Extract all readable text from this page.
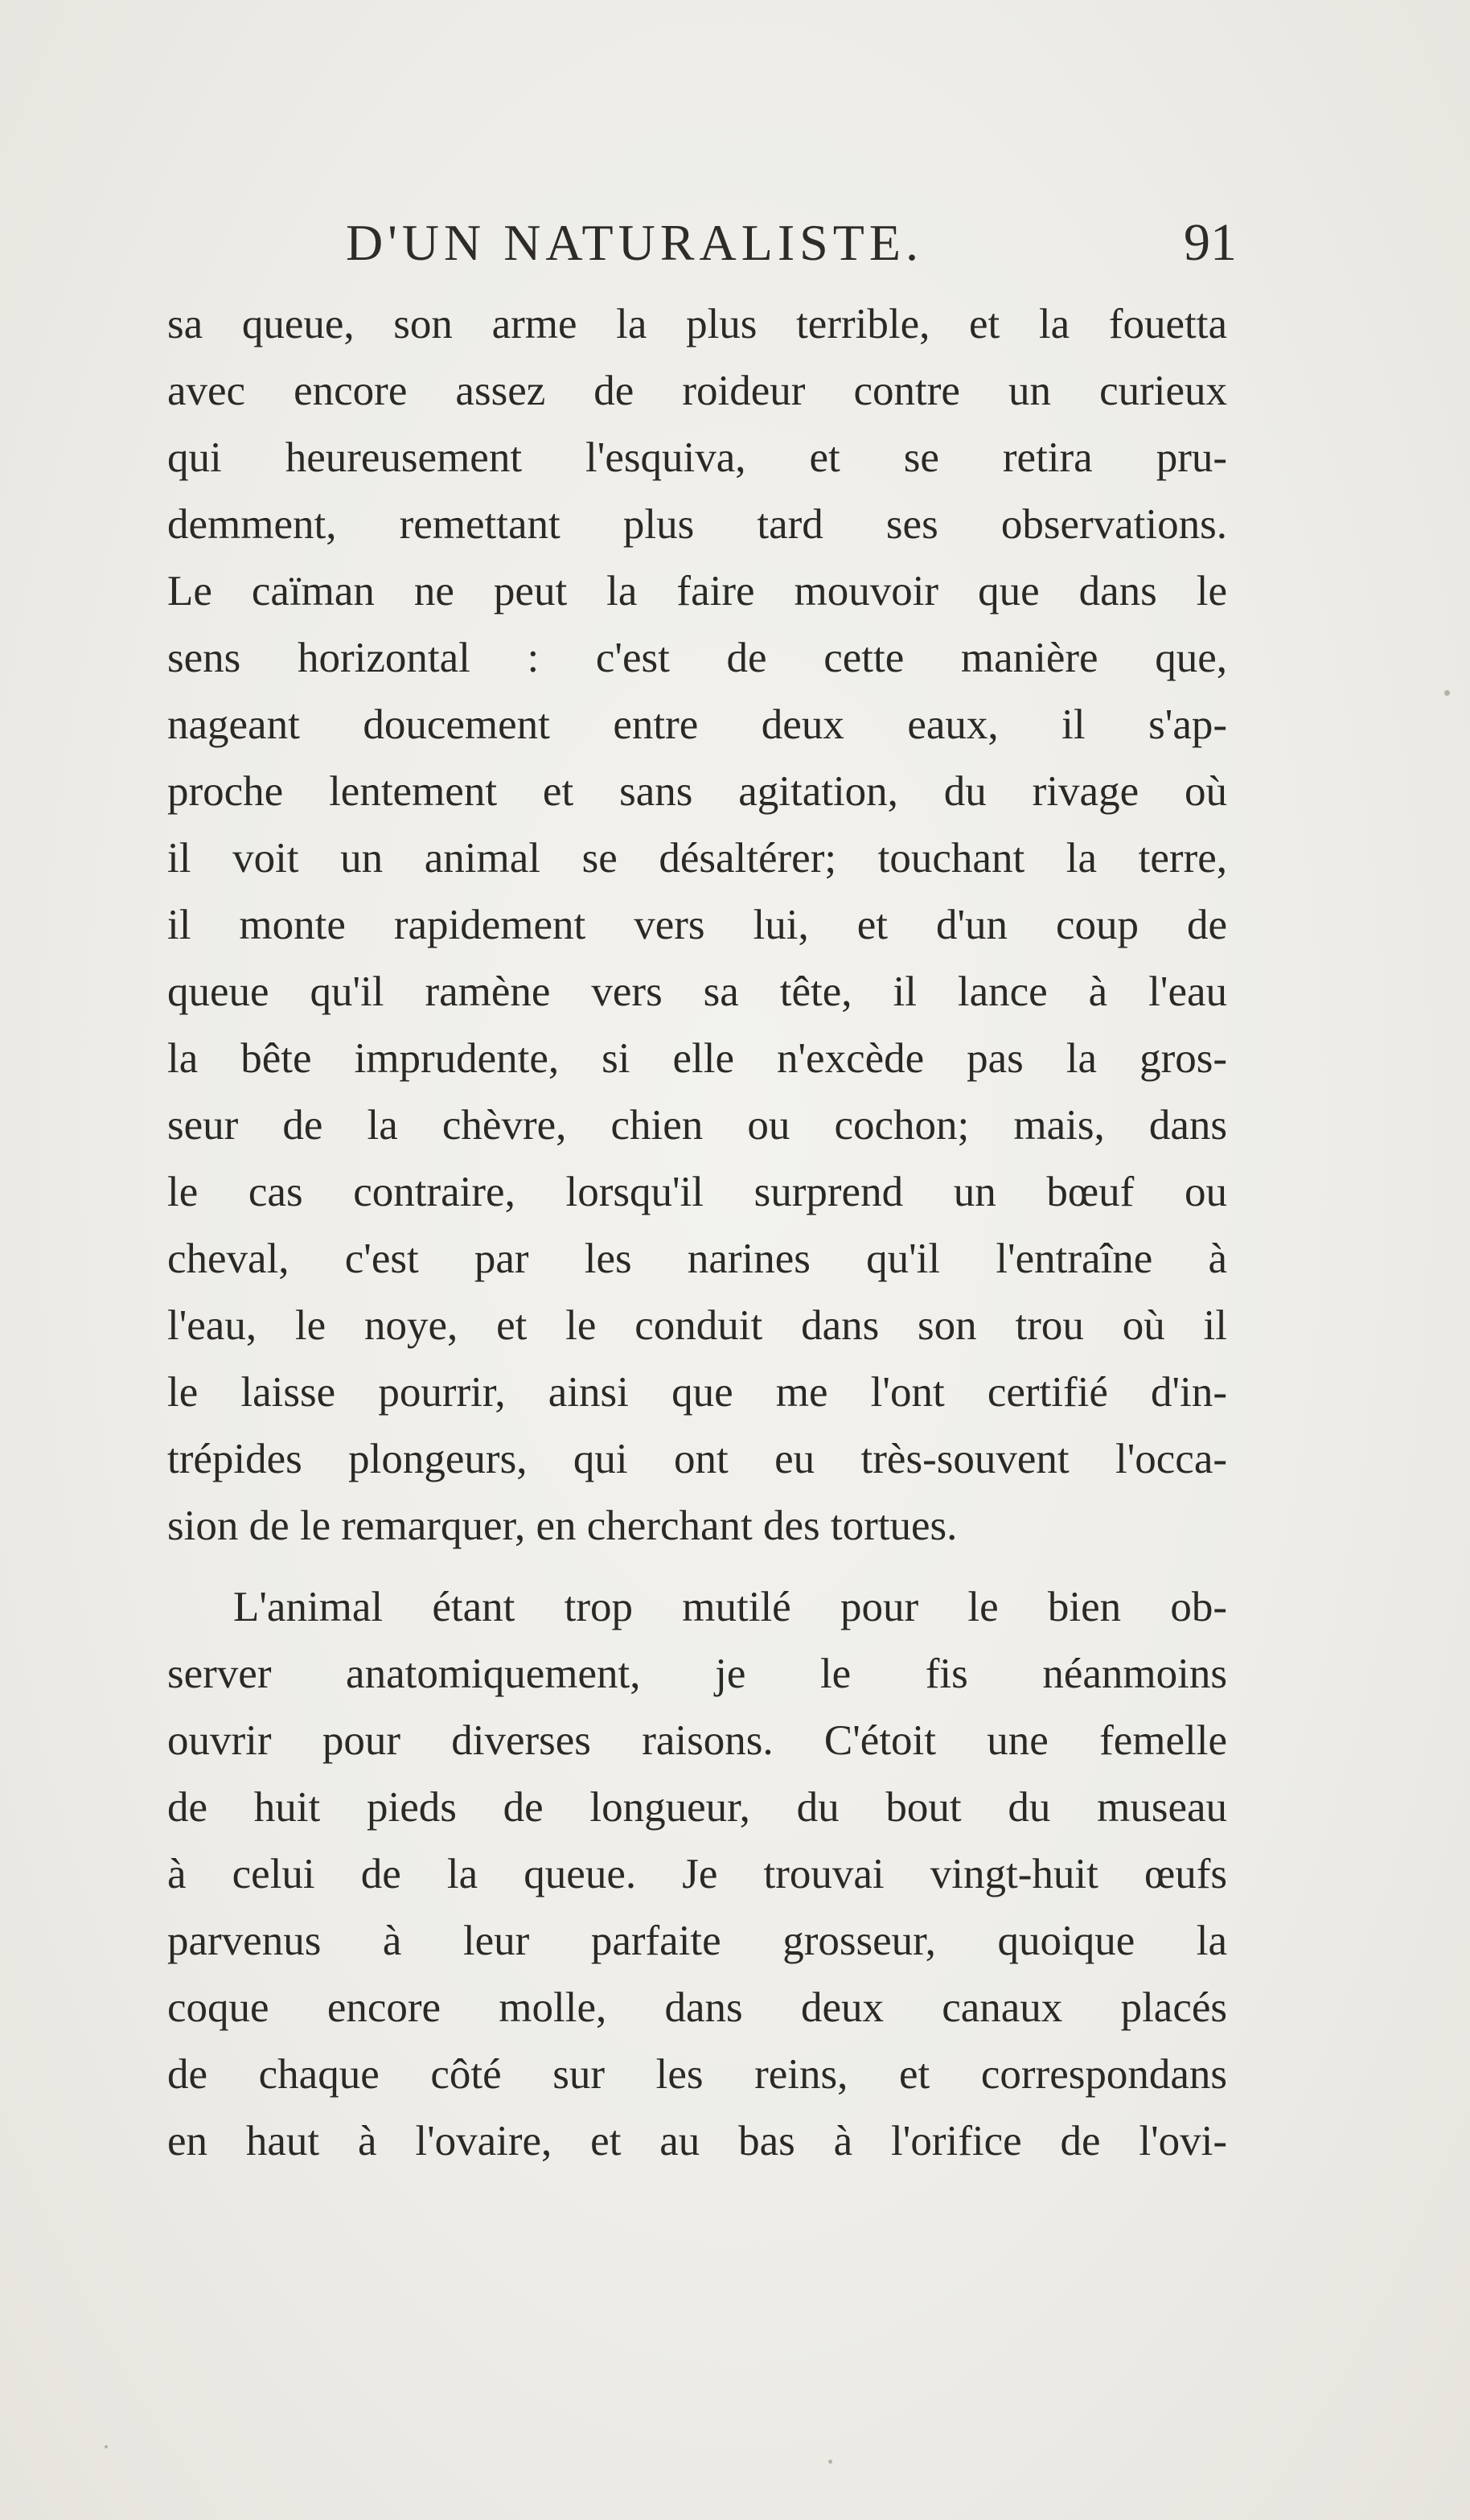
D'UN NATURALISTE.	91
sa queue, son arme la plus terrible, et la fouetta
avec encore assez de roideur contre un curieux
qui heureusement l'esquiva, et se retira pru-
demment, remettant plus tard ses observations.
Le caïman ne peut la faire mouvoir que dans le
sens horizontal : c'est de cette manière que,
nageant doucement entre deux eaux, il s'ap-
proche lentement et sans agitation, du rivage où
il voit un animal se désaltérer; touchant la terre,
il monte rapidement vers lui, et d'un coup de
queue qu'il ramène vers sa tête, il lance à l'eau
la bête imprudente, si elle n'excède pas la gros-
seur de la chèvre, chien ou cochon; mais, dans
le cas contraire, lorsqu'il surprend un bœuf ou
cheval, c'est par les narines qu'il l'entraîne à
l'eau, le noye, et le conduit dans son trou où il
le laisse pourrir, ainsi que me l'ont certifié d'in-
trépides plongeurs, qui ont eu très-souvent l'occa-
sion de le remarquer, en cherchant des tortues.
L'animal étant trop mutilé pour le bien ob-
server anatomiquement, je le fis néanmoins
ouvrir pour diverses raisons. C'étoit une femelle
de huit pieds de longueur, du bout du museau
à celui de la queue. Je trouvai vingt-huit œufs
parvenus à leur parfaite grosseur, quoique la
coque encore molle, dans deux canaux placés
de chaque côté sur les reins, et correspondans
en haut à l'ovaire, et au bas à l'orifice de l'ovi-
